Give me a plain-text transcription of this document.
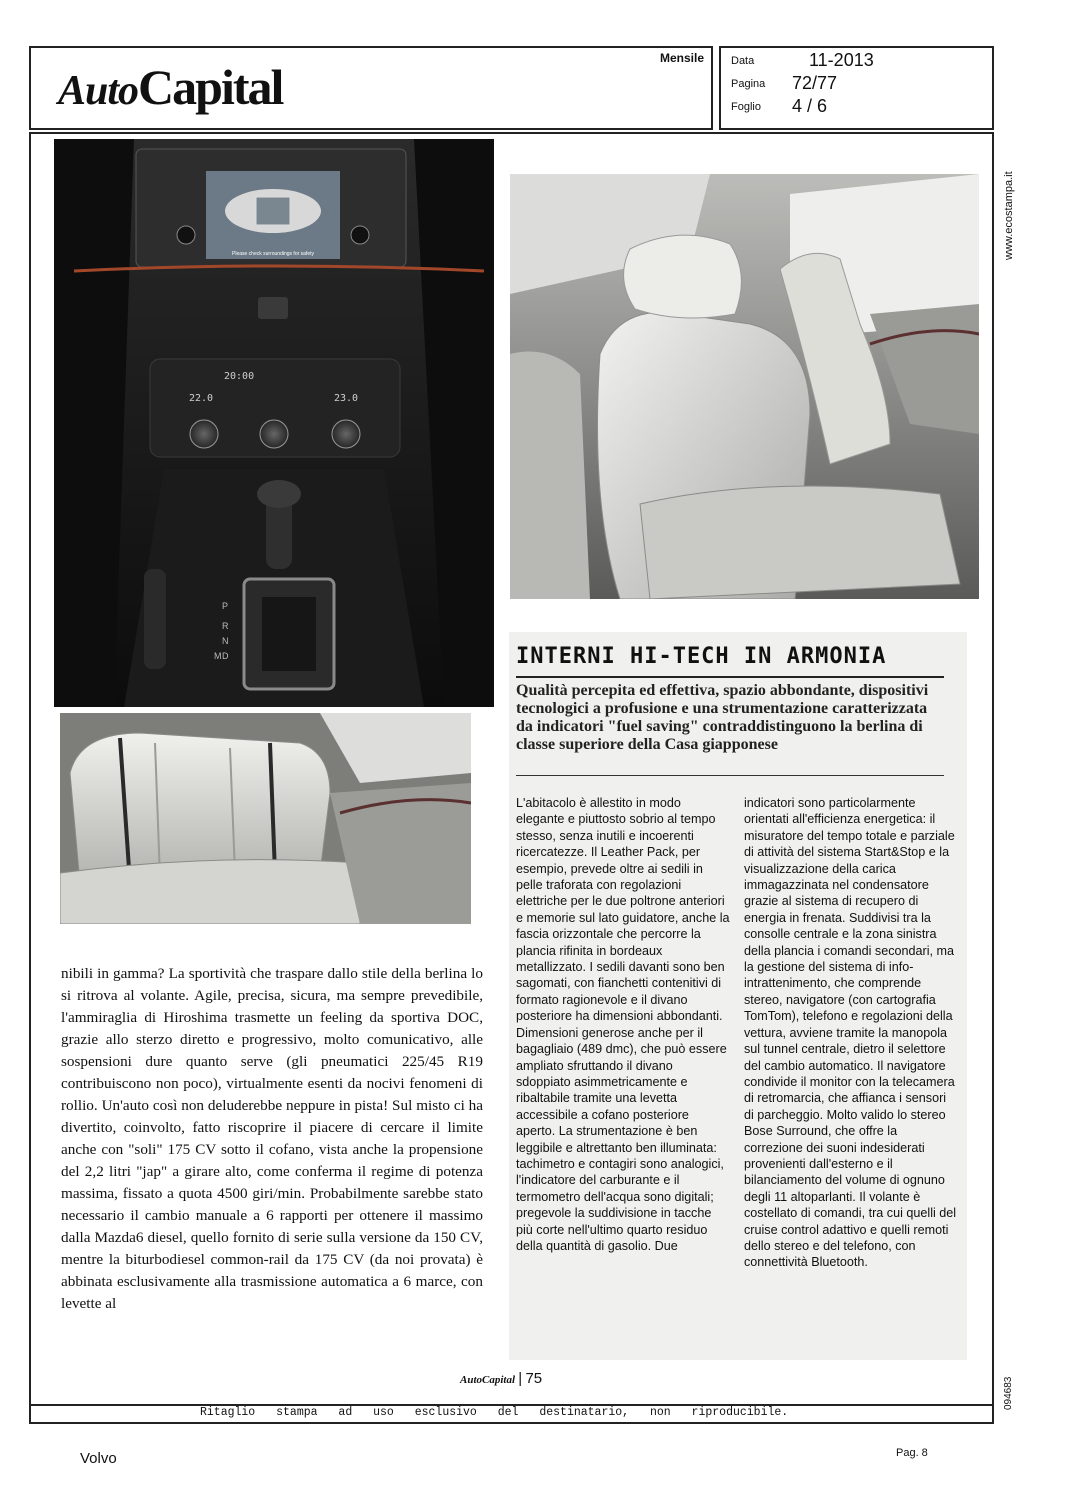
AutoCapital
Mensile Data	11-2013
Pagina 72/77
Foglio 4 / 6
www.ecostampa.it
094683
Please check surroundings for safety
20:00
22.0	23.0
P
R
N
D
M	INTERNI HI-TECH IN ARMONIA
Qualità percepita ed effettiva, spazio abbondante, dispositivi tecnologici a profusione e una strumentazione caratterizzata da indicatori "fuel saving" contraddistinguono la berlina di classe superiore della Casa giapponese
L'abitacolo è allestito in modo elegante e piuttosto sobrio al tempo stesso, senza inutili e incoerenti ricercatezze. Il Leather Pack, per esempio, prevede oltre ai sedili in pelle traforata con regolazioni elettriche per le due poltrone anteriori e memorie sul lato guidatore, anche la fascia orizzontale che percorre la plancia rifinita in bordeaux metallizzato. I sedili davanti sono ben sagomati, con fianchetti contenitivi di formato ragionevole e il divano posteriore ha dimensioni abbondanti. Dimensioni generose anche per il bagagliaio (489 dmc), che può essere ampliato sfruttando il divano sdoppiato asimmetricamente e ribaltabile tramite una levetta accessibile a cofano posteriore aperto. La strumentazione è ben leggibile e altrettanto ben illuminata: tachimetro e contagiri sono analogici, l'indicatore del carburante e il termometro dell'acqua sono digitali; pregevole la suddivisione in tacche più corte nell'ultimo quarto residuo della quantità di gasolio. Due
indicatori sono particolarmente orientati all'efficienza energetica: il misuratore del tempo totale e parziale di attività del sistema Start&Stop e la visualizzazione della carica immagazzinata nel condensatore grazie al sistema di recupero di energia in frenata. Suddivisi tra la consolle centrale e la zona sinistra della plancia i comandi secondari, ma la gestione del sistema di info-intrattenimento, che comprende stereo, navigatore (con cartografia TomTom), telefono e regolazioni della vettura, avviene tramite la manopola sul tunnel centrale, dietro il selettore del cambio automatico. Il navigatore condivide il monitor con la telecamera di retromarcia, che affianca i sensori di parcheggio. Molto valido lo stereo Bose Surround, che offre la correzione dei suoni indesiderati provenienti dall'esterno e il bilanciamento del volume di ognuno degli 11 altoparlanti. Il volante è costellato di comandi, tra cui quelli del cruise control adattivo e quelli remoti dello stereo e del telefono, con connettività Bluetooth.
nibili in gamma? La sportività che traspare dallo stile della berlina lo si ritrova al volante. Agile, precisa, sicura, ma sempre prevedibile, l'ammiraglia di Hiroshima trasmette un feeling da sportiva DOC, grazie allo sterzo diretto e progressivo, molto comunicativo, alle sospensioni dure quanto serve (gli pneumatici 225/45 R19 contribuiscono non poco), virtualmente esenti da nocivi fenomeni di rollio. Un'auto così non deluderebbe neppure in pista! Sul misto ci ha divertito, coinvolto, fatto riscoprire il piacere di cercare il limite anche con "soli" 175 CV sotto il cofano, vista anche la propensione del 2,2 litri "jap" a girare alto, come conferma il regime di potenza massima, fissato a quota 4500 giri/min. Probabilmente sarebbe stato necessario il cambio manuale a 6 rapporti per ottenere il massimo dalla Mazda6 diesel, quello fornito di serie sulla versione da 150 CV, mentre la biturbodiesel common-rail da 175 CV (da noi provata) è abbinata esclusivamente alla trasmissione automatica a 6 marce, con levette al
AutoCapital | 75
Ritaglio stampa ad uso esclusivo del destinatario, non riproducibile.
Volvo	Pag. 8
